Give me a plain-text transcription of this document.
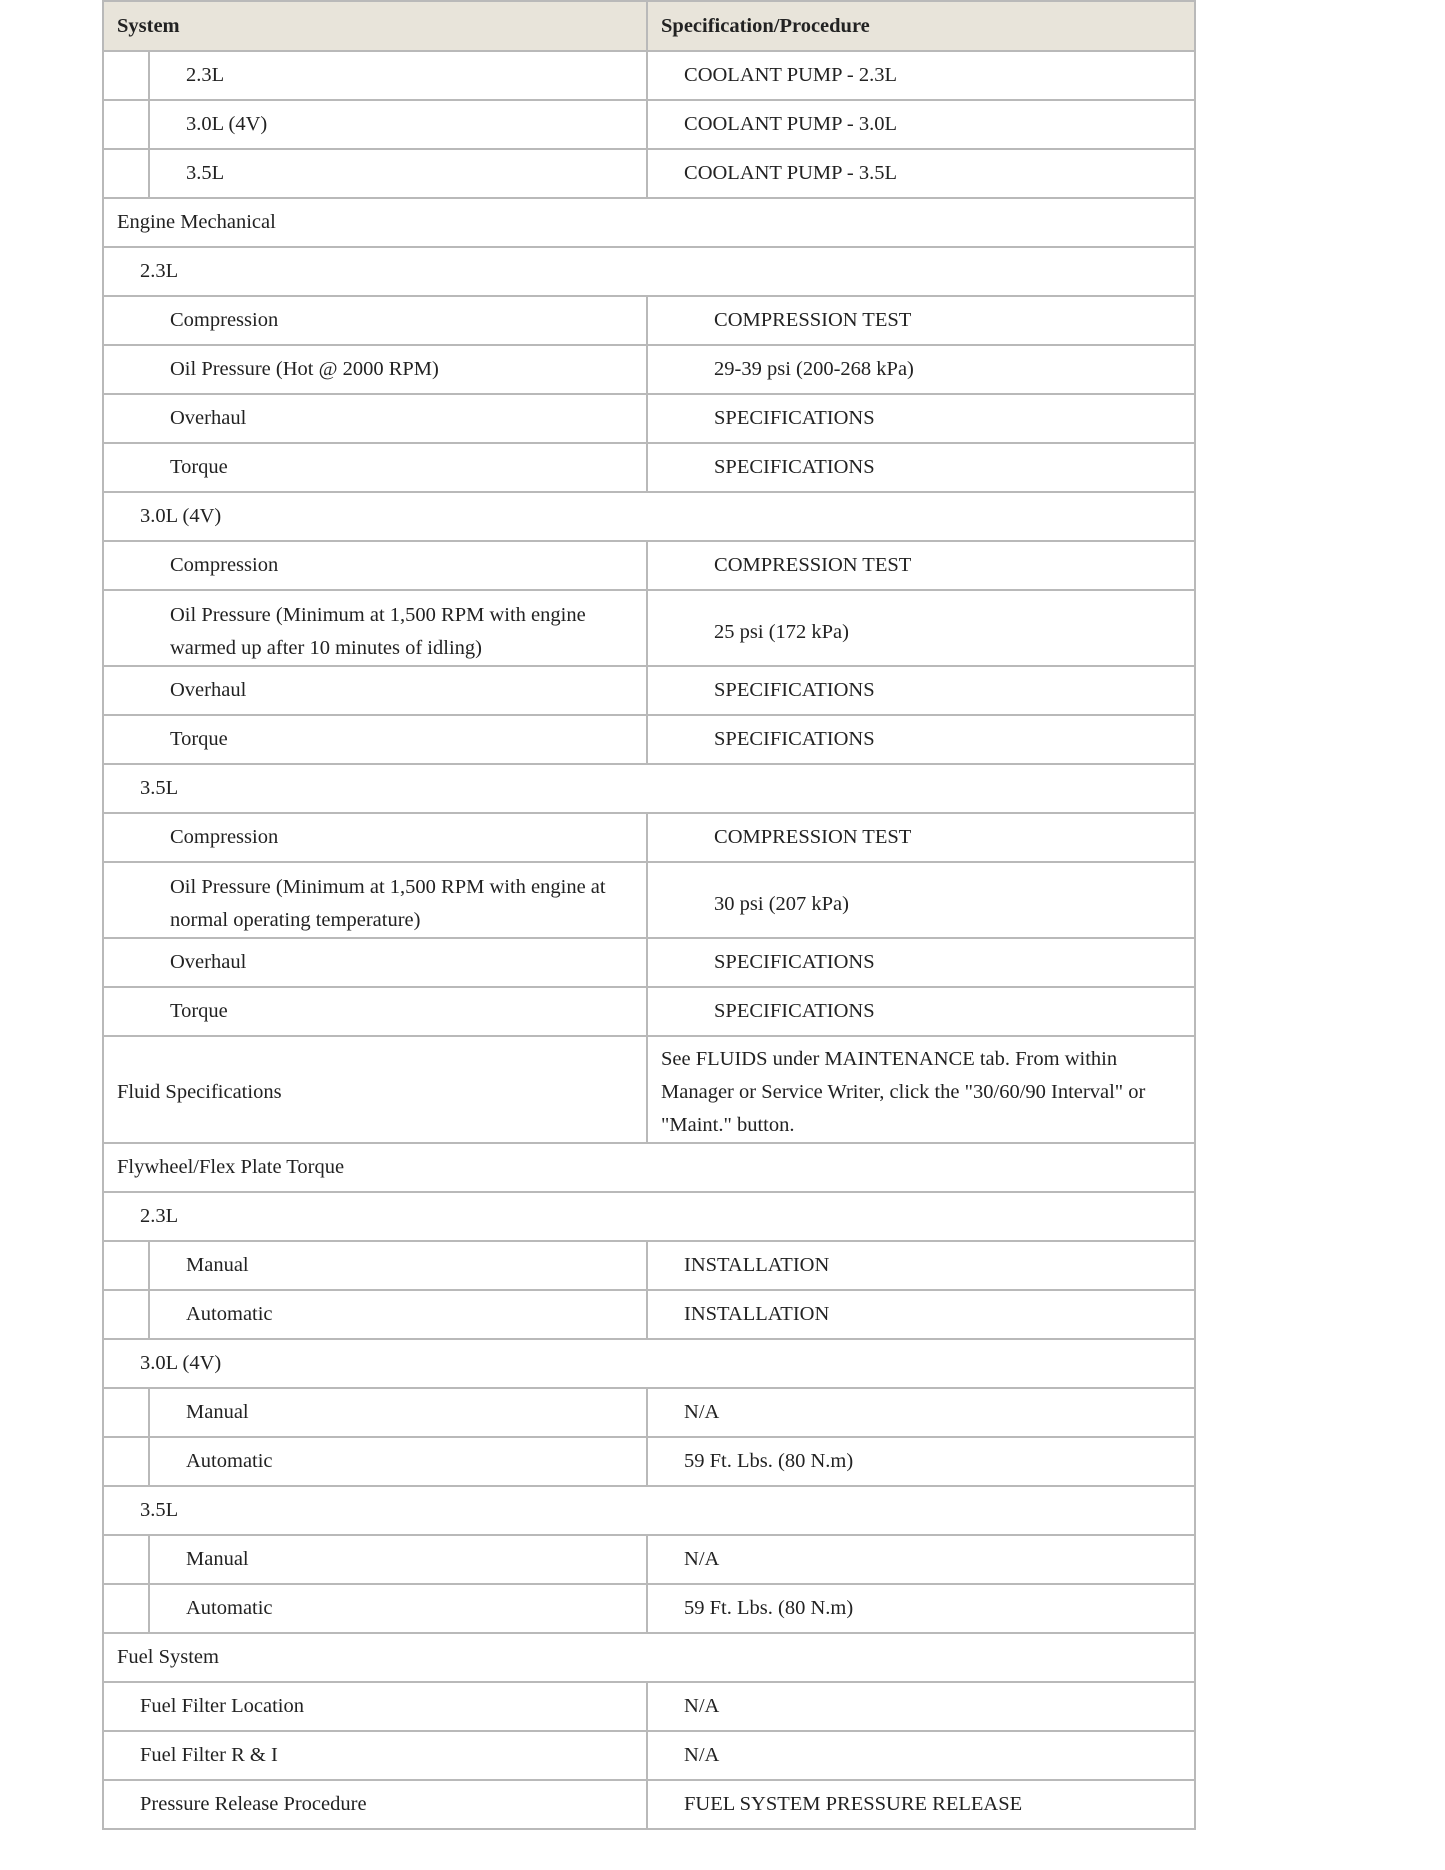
System		Specification/Procedure

	2.3L	COOLANT PUMP - 2.3L

	3.0L (4V)	COOLANT PUMP - 3.0L

	3.5L	COOLANT PUMP - 3.5L

Engine Mechanical		

2.3L		

Compression		COMPRESSION TEST

Oil Pressure (Hot @ 2000 RPM)		29-39 psi (200-268 kPa)

Overhaul		SPECIFICATIONS

Torque		SPECIFICATIONS

3.0L (4V)		

Compression		COMPRESSION TEST

Oil Pressure (Minimum at 1,500 RPM with engine warmed up after 10 minutes of idling)		25 psi (172 kPa)

Overhaul		SPECIFICATIONS

Torque		SPECIFICATIONS

3.5L		

Compression		COMPRESSION TEST

Oil Pressure (Minimum at 1,500 RPM with engine at normal operating temperature)		30 psi (207 kPa)

Overhaul		SPECIFICATIONS

Torque		SPECIFICATIONS

Fluid Specifications		See FLUIDS under MAINTENANCE tab. From within Manager or Service Writer, click the "30/60/90 Interval" or "Maint." button.

Flywheel/Flex Plate Torque		

2.3L		

	Manual	INSTALLATION

	Automatic	INSTALLATION

3.0L (4V)		

	Manual	N/A

	Automatic	59 Ft. Lbs. (80 N.m)

3.5L		

	Manual	N/A

	Automatic	59 Ft. Lbs. (80 N.m)

Fuel System		

Fuel Filter Location		N/A

Fuel Filter R & I		N/A

Pressure Release Procedure		FUEL SYSTEM PRESSURE RELEASE
